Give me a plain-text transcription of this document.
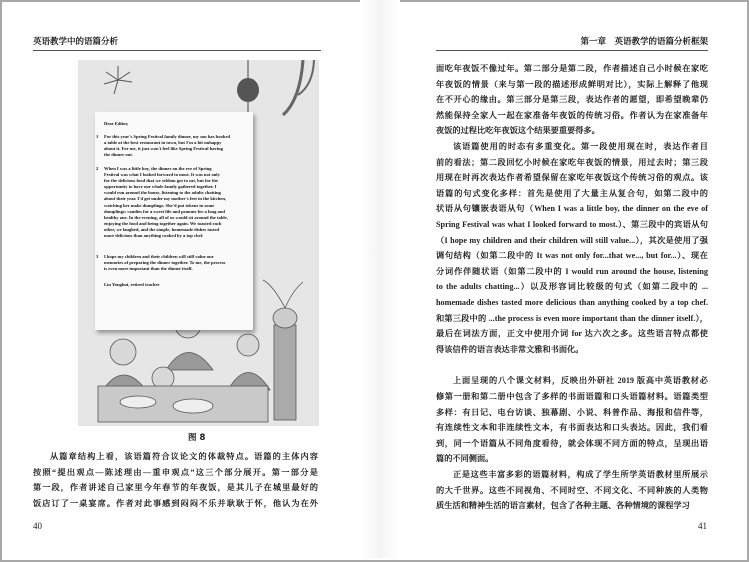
英语教学中的语篇分析
Dear Editor,
1 For this year's Spring Festival family dinner, my son has booked
a table at the best restaurant in town, but I'm a bit unhappy
about it. For me, it just won't feel like Spring Festival having
the dinner out.
2 When I was a little boy, the dinner on the eve of Spring
Festival was what I looked forward to most. It was not only
for the delicious food that we seldom got to eat, but for the
opportunity to have our whole family gathered together. I
would run around the house, listening to the adults chatting
about their year. I'd get under my mother's feet in the kitchen,
watching her make dumplings. She'd put tokens in some
dumplings: candies for a sweet life and peanuts for a long and
healthy one. In the evening, all of us would sit around the table,
enjoying the food and being together again. We toasted each
other, we laughed, and the simple, homemade dishes tasted
more delicious than anything cooked by a top chef.
3 I hope my children and their children will still value our
memories of preparing the dinner together. To me, the process
is even more important than the dinner itself.
Liu Yonghui, retired teacher
图 8
从篇章结构上看，该语篇符合议论文的体裁特点。语篇的主体内容
按照“提出观点—陈述理由—重申观点”这三个部分展开。第一部分是
第一段，作者讲述自己家里今年春节的年夜饭，是其儿子在城里最好的
饭店订了一桌宴席。作者对此事感到闷闷不乐并耿耿于怀，他认为在外
40
第一章　英语教学的语篇分析框架
面吃年夜饭不像过年。第二部分是第二段，作者描述自己小时候在家吃
年夜饭的情景（来与第一段的描述形成鲜明对比），实际上解释了他现
在不开心的缘由。第三部分是第三段，表达作者的愿望，即希望晚辈仍
然能保持全家人一起在家准备年夜饭的传统习俗。作者认为在家准备年
夜饭的过程比吃年夜饭这个结果要重要得多。
该语篇使用的时态有多重变化。第一段使用现在时，表达作者目
前的看法；第二段回忆小时候在家吃年夜饭的情景，用过去时；第三段
用现在时再次表达作者希望保留在家吃年夜饭这个传统习俗的观点。该
语篇的句式变化多样：首先是使用了大量主从复合句，如第二段中的
状语从句镶嵌表语从句（When I was a little boy, the dinner on the eve of
Spring Festival was what I looked forward to most.）、第三段中的宾语从句
（I hope my children and their children will still value...），其次是使用了强
调句结构（如第二段中的 It was not only for...that we..., but for...）、现在
分词作伴随状语（如第二段中的 I would run around the house, listening
to the adults chatting...）以及形容词比较级的句式（如第二段中的 ...
homemade dishes tasted more delicious than anything cooked by a top chef.
和第三段中的 ...the process is even more important than the dinner itself.），
最后在词法方面，正文中使用介词 for 达六次之多。这些语言特点都使
得该信件的语言表达非常文雅和书面化。
上面呈现的八个课文材料，反映出外研社 2019 版高中英语教材必
修第一册和第二册中包含了多样的书面语篇和口头语篇材料。语篇类型
多样：有日记、电台访谈、独幕剧、小说、科普作品、海报和信件等，
有连续性文本和非连续性文本，有书面表达和口头表达。因此，我们看
到，同一个语篇从不同角度看待，就会体现不同方面的特点，呈现出语
篇的不同侧面。
正是这些丰富多彩的语篇材料，构成了学生所学英语教材里所展示
的大千世界。这些不同视角、不同时空、不同文化、不同种族的人类物
质生活和精神生活的语言素材，包含了各种主题、各种情境的课程学习
41
